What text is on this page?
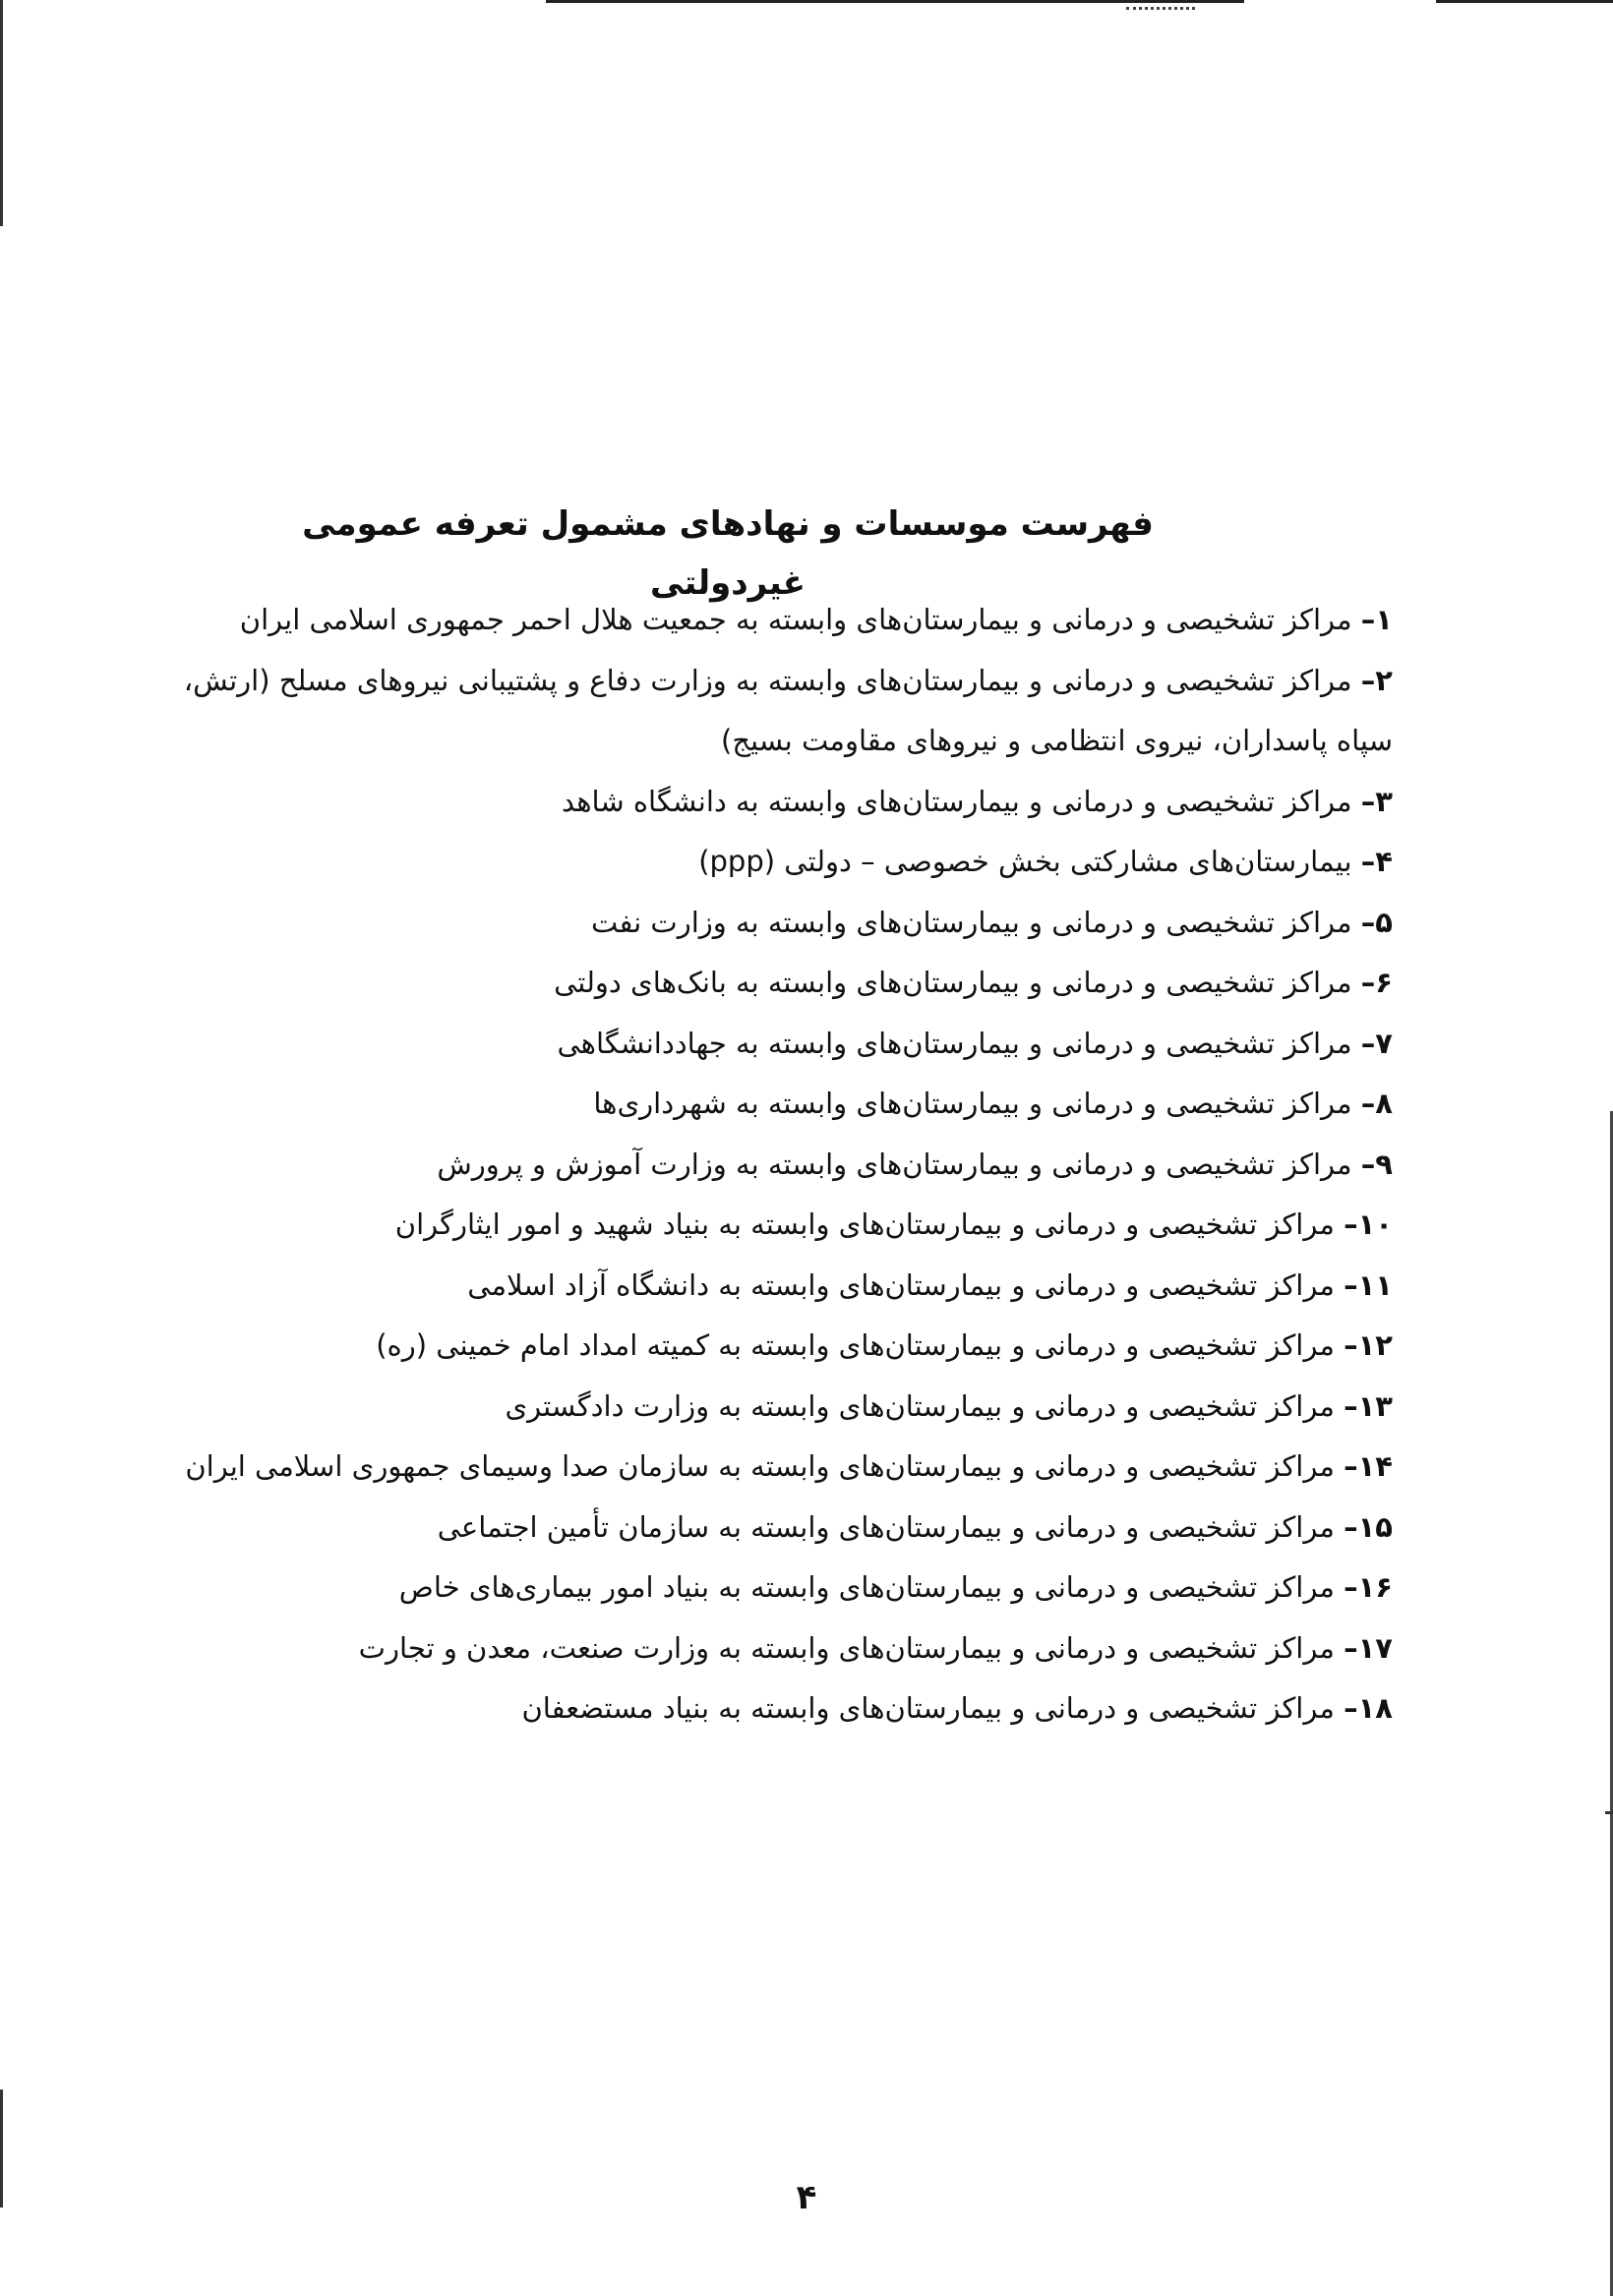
فهرست موسسات و نهادهای مشمول تعرفه عمومی غیردولتی
۱– مراکز تشخیصی و درمانی و بیمارستان‌های وابسته به جمعیت هلال احمر جمهوری اسلامی ایران
۲– مراکز تشخیصی و درمانی و بیمارستان‌های وابسته به وزارت دفاع و پشتیبانی نیروهای مسلح (ارتش،
سپاه پاسداران، نیروی انتظامی و نیروهای مقاومت بسیج)
۳– مراکز تشخیصی و درمانی و بیمارستان‌های وابسته به دانشگاه شاهد
۴– بیمارستان‌های مشارکتی بخش خصوصی – دولتی (ppp)
۵– مراکز تشخیصی و درمانی و بیمارستان‌های وابسته به وزارت نفت
۶– مراکز تشخیصی و درمانی و بیمارستان‌های وابسته به بانک‌های دولتی
۷– مراکز تشخیصی و درمانی و بیمارستان‌های وابسته به جهاددانشگاهی
۸– مراکز تشخیصی و درمانی و بیمارستان‌های وابسته به شهرداری‌ها
۹– مراکز تشخیصی و درمانی و بیمارستان‌های وابسته به وزارت آموزش و پرورش
۱۰– مراکز تشخیصی و درمانی و بیمارستان‌های وابسته به بنیاد شهید و امور ایثارگران
۱۱– مراکز تشخیصی و درمانی و بیمارستان‌های وابسته به دانشگاه آزاد اسلامی
۱۲– مراکز تشخیصی و درمانی و بیمارستان‌های وابسته به کمیته امداد امام خمینی (ره)
۱۳– مراکز تشخیصی و درمانی و بیمارستان‌های وابسته به وزارت دادگستری
۱۴– مراکز تشخیصی و درمانی و بیمارستان‌های وابسته به سازمان صدا وسیمای جمهوری اسلامی ایران
۱۵– مراکز تشخیصی و درمانی و بیمارستان‌های وابسته به سازمان تأمین اجتماعی
۱۶– مراکز تشخیصی و درمانی و بیمارستان‌های وابسته به بنیاد امور بیماری‌های خاص
۱۷– مراکز تشخیصی و درمانی و بیمارستان‌های وابسته به وزارت صنعت، معدن و تجارت
۱۸– مراکز تشخیصی و درمانی و بیمارستان‌های وابسته به بنیاد مستضعفان
۴
